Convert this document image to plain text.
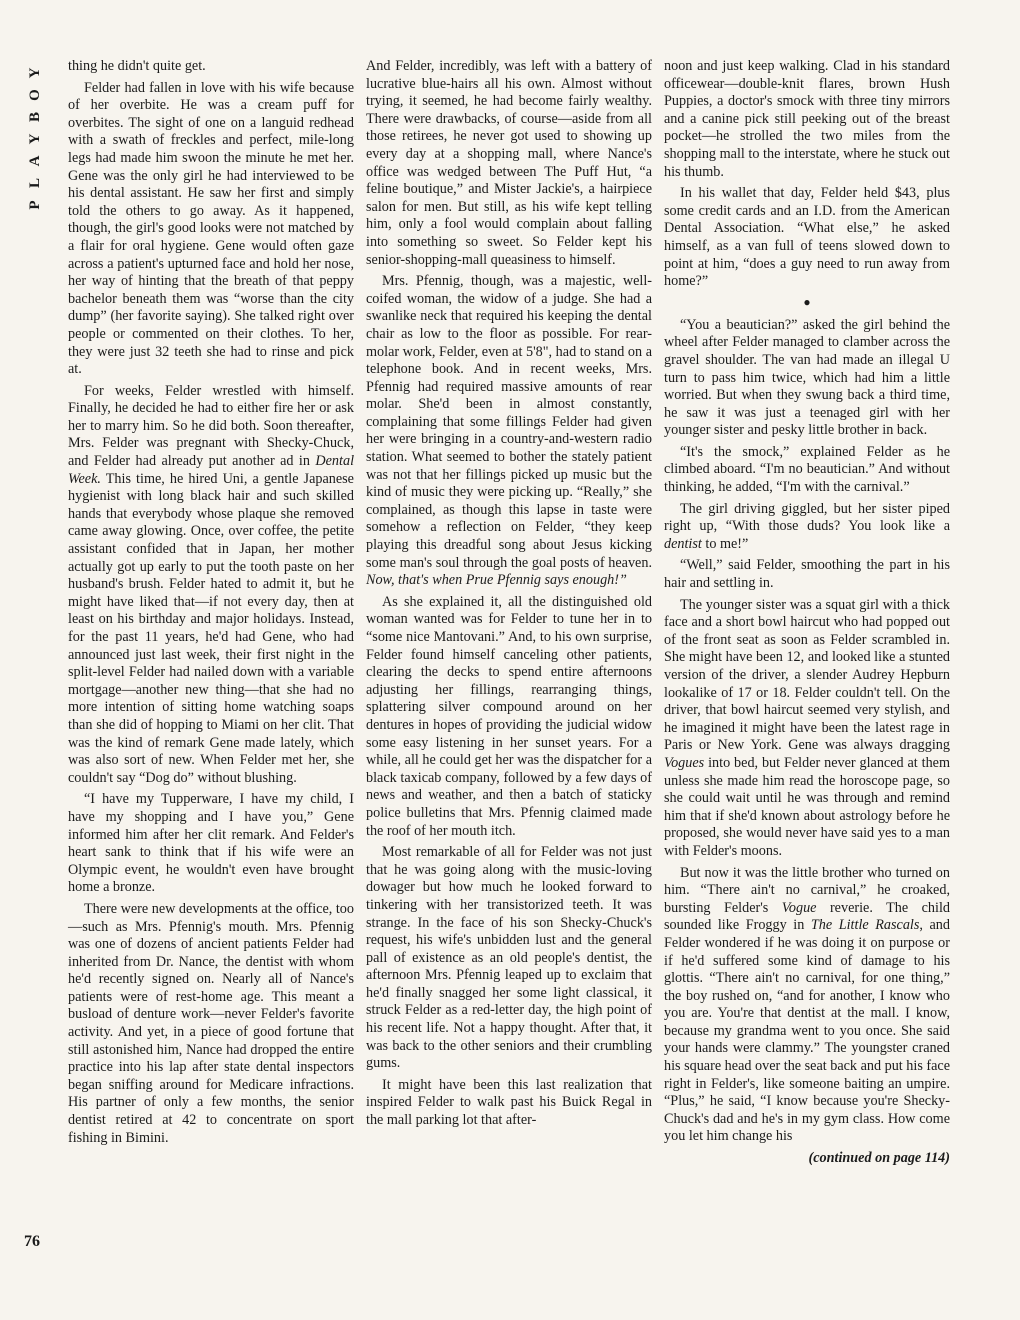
Y
O
B
Y
A
L
P
76

thing he didn't quite get.

Felder had fallen in love with his wife because of her overbite. He was a cream puff for overbites. The sight of one on a languid redhead with a swath of freckles and perfect, mile-long legs had made him swoon the minute he met her. Gene was the only girl he had interviewed to be his dental assistant. He saw her first and simply told the others to go away. As it happened, though, the girl's good looks were not matched by a flair for oral hygiene. Gene would often gaze across a patient's upturned face and hold her nose, her way of hinting that the breath of that peppy bachelor beneath them was “worse than the city dump” (her favorite saying). She talked right over people or commented on their clothes. To her, they were just 32 teeth she had to rinse and pick at.

For weeks, Felder wrestled with himself. Finally, he decided he had to either fire her or ask her to marry him. So he did both. Soon thereafter, Mrs. Felder was pregnant with Shecky-Chuck, and Felder had already put another ad in Dental Week. This time, he hired Uni, a gentle Japanese hygienist with long black hair and such skilled hands that everybody whose plaque she removed came away glowing. Once, over coffee, the petite assistant confided that in Japan, her mother actually got up early to put the tooth paste on her husband's brush. Felder hated to admit it, but he might have liked that—if not every day, then at least on his birthday and major holidays. Instead, for the past 11 years, he'd had Gene, who had announced just last week, their first night in the split-level Felder had nailed down with a variable mortgage—another new thing—that she had no more intention of sitting home watching soaps than she did of hopping to Miami on her clit. That was the kind of remark Gene made lately, which was also sort of new. When Felder met her, she couldn't say “Dog do” without blushing.

“I have my Tupperware, I have my child, I have my shopping and I have you,” Gene informed him after her clit remark. And Felder's heart sank to think that if his wife were an Olympic event, he wouldn't even have brought home a bronze.

There were new developments at the office, too—such as Mrs. Pfennig's mouth. Mrs. Pfennig was one of dozens of ancient patients Felder had inherited from Dr. Nance, the dentist with whom he'd recently signed on. Nearly all of Nance's patients were of rest-home age. This meant a busload of denture work—never Felder's favorite activity. And yet, in a piece of good fortune that still astonished him, Nance had dropped the entire practice into his lap after state dental inspectors began sniffing around for Medicare infractions. His partner of only a few months, the senior dentist retired at 42 to concentrate on sport fishing in Bimini.

And Felder, incredibly, was left with a battery of lucrative blue-hairs all his own. Almost without trying, it seemed, he had become fairly wealthy. There were drawbacks, of course—aside from all those retirees, he never got used to showing up every day at a shopping mall, where Nance's office was wedged between The Puff Hut, “a feline boutique,” and Mister Jackie's, a hairpiece salon for men. But still, as his wife kept telling him, only a fool would complain about falling into something so sweet. So Felder kept his senior-shopping-mall queasiness to himself.

Mrs. Pfennig, though, was a majestic, well-coifed woman, the widow of a judge. She had a swanlike neck that required his keeping the dental chair as low to the floor as possible. For rear-molar work, Felder, even at 5'8", had to stand on a telephone book. And in recent weeks, Mrs. Pfennig had required massive amounts of rear molar. She'd been in almost constantly, complaining that some fillings Felder had given her were bringing in a country-and-western radio station. What seemed to bother the stately patient was not that her fillings picked up music but the kind of music they were picking up. “Really,” she complained, as though this lapse in taste were somehow a reflection on Felder, “they keep playing this dreadful song about Jesus kicking some man's soul through the goal posts of heaven. Now, that's when Prue Pfennig says enough!”

As she explained it, all the distinguished old woman wanted was for Felder to tune her in to “some nice Mantovani.” And, to his own surprise, Felder found himself canceling other patients, clearing the decks to spend entire afternoons adjusting her fillings, rearranging things, splattering silver compound around on her dentures in hopes of providing the judicial widow some easy listening in her sunset years. For a while, all he could get her was the dispatcher for a black taxicab company, followed by a few days of news and weather, and then a batch of staticky police bulletins that Mrs. Pfennig claimed made the roof of her mouth itch.

Most remarkable of all for Felder was not just that he was going along with the music-loving dowager but how much he looked forward to tinkering with her transistorized teeth. It was strange. In the face of his son Shecky-Chuck's request, his wife's unbidden lust and the general pall of existence as an old people's dentist, the afternoon Mrs. Pfennig leaped up to exclaim that he'd finally snagged her some light classical, it struck Felder as a red-letter day, the high point of his recent life. Not a happy thought. After that, it was back to the other seniors and their crumbling gums.

It might have been this last realization that inspired Felder to walk past his Buick Regal in the mall parking lot that after-

noon and just keep walking. Clad in his standard officewear—double-knit flares, brown Hush Puppies, a doctor's smock with three tiny mirrors and a canine pick still peeking out of the breast pocket—he strolled the two miles from the shopping mall to the interstate, where he stuck out his thumb.

In his wallet that day, Felder held $43, plus some credit cards and an I.D. from the American Dental Association. “What else,” he asked himself, as a van full of teens slowed down to point at him, “does a guy need to run away from home?”

●

“You a beautician?” asked the girl behind the wheel after Felder managed to clamber across the gravel shoulder. The van had made an illegal U turn to pass him twice, which had him a little worried. But when they swung back a third time, he saw it was just a teenaged girl with her younger sister and pesky little brother in back.

“It's the smock,” explained Felder as he climbed aboard. “I'm no beautician.” And without thinking, he added, “I'm with the carnival.”

The girl driving giggled, but her sister piped right up, “With those duds? You look like a dentist to me!”

“Well,” said Felder, smoothing the part in his hair and settling in.

The younger sister was a squat girl with a thick face and a short bowl haircut who had popped out of the front seat as soon as Felder scrambled in. She might have been 12, and looked like a stunted version of the driver, a slender Audrey Hepburn lookalike of 17 or 18. Felder couldn't tell. On the driver, that bowl haircut seemed very stylish, and he imagined it might have been the latest rage in Paris or New York. Gene was always dragging Vogues into bed, but Felder never glanced at them unless she made him read the horoscope page, so she could wait until he was through and remind him that if she'd known about astrology before he proposed, she would never have said yes to a man with Felder's moons.

But now it was the little brother who turned on him. “There ain't no carnival,” he croaked, bursting Felder's Vogue reverie. The child sounded like Froggy in The Little Rascals, and Felder wondered if he was doing it on purpose or if he'd suffered some kind of damage to his glottis. “There ain't no carnival, for one thing,” the boy rushed on, “and for another, I know who you are. You're that dentist at the mall. I know, because my grandma went to you once. She said your hands were clammy.” The youngster craned his square head over the seat back and put his face right in Felder's, like someone baiting an umpire. “Plus,” he said, “I know because you're Shecky-Chuck's dad and he's in my gym class. How come you let him change his

(continued on page 114)
